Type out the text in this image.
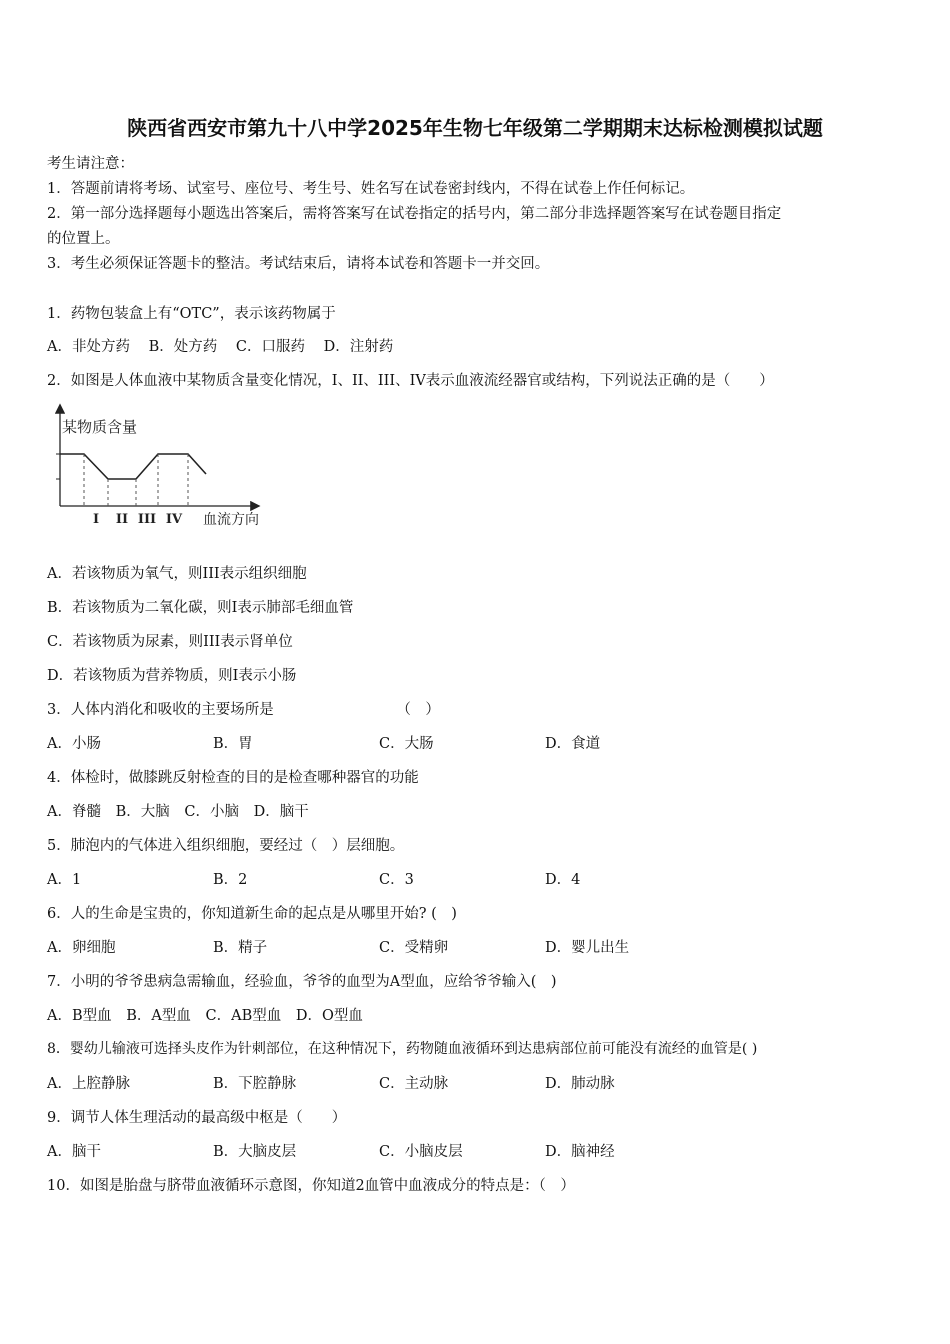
陕西省西安市第九十八中学2025年生物七年级第二学期期末达标检测模拟试题
考生请注意：
1．答题前请将考场、试室号、座位号、考生号、姓名写在试卷密封线内，不得在试卷上作任何标记。
2．第一部分选择题每小题选出答案后，需将答案写在试卷指定的括号内，第二部分非选择题答案写在试卷题目指定
的位置上。
3．考生必须保证答题卡的整洁。考试结束后，请将本试卷和答题卡一并交回。
1．药物包装盒上有“OTC”，表示该药物属于
A．非处方药 B．处方药 C．口服药 D．注射药
2．如图是人体血液中某物质含量变化情况，I、II、III、IV表示血液流经器官或结构，下列说法正确的是（　　）
某物质含量
I II III IV 血流方向
A．若该物质为氧气，则III表示组织细胞
B．若该物质为二氧化碳，则I表示肺部毛细血管
C．若该物质为尿素，则III表示肾单位
D．若该物质为营养物质，则I表示小肠
3．人体内消化和吸收的主要场所是	（　）
A．小肠	B．胃	C．大肠	D．食道
4．体检时，做膝跳反射检查的目的是检查哪种器官的功能
A．脊髓 B．大脑 C．小脑 D．脑干
5．肺泡内的气体进入组织细胞，要经过（　）层细胞。
A．1	B．2	C．3	D．4
6．人的生命是宝贵的，你知道新生命的起点是从哪里开始? (　)
A．卵细胞	B．精子	C．受精卵	D．婴儿出生
7．小明的爷爷患病急需输血，经验血，爷爷的血型为A型血，应给爷爷输入(　)
A．B型血 B．A型血 C．AB型血 D．O型血
8．婴幼儿输液可选择头皮作为针刺部位，在这种情况下，药物随血液循环到达患病部位前可能没有流经的血管是( )
A．上腔静脉	B．下腔静脉	C．主动脉	D．肺动脉
9．调节人体生理活动的最高级中枢是（　　）
A．脑干	B．大脑皮层	C．小脑皮层	D．脑神经
10．如图是胎盘与脐带血液循环示意图，你知道2血管中血液成分的特点是：（　）
